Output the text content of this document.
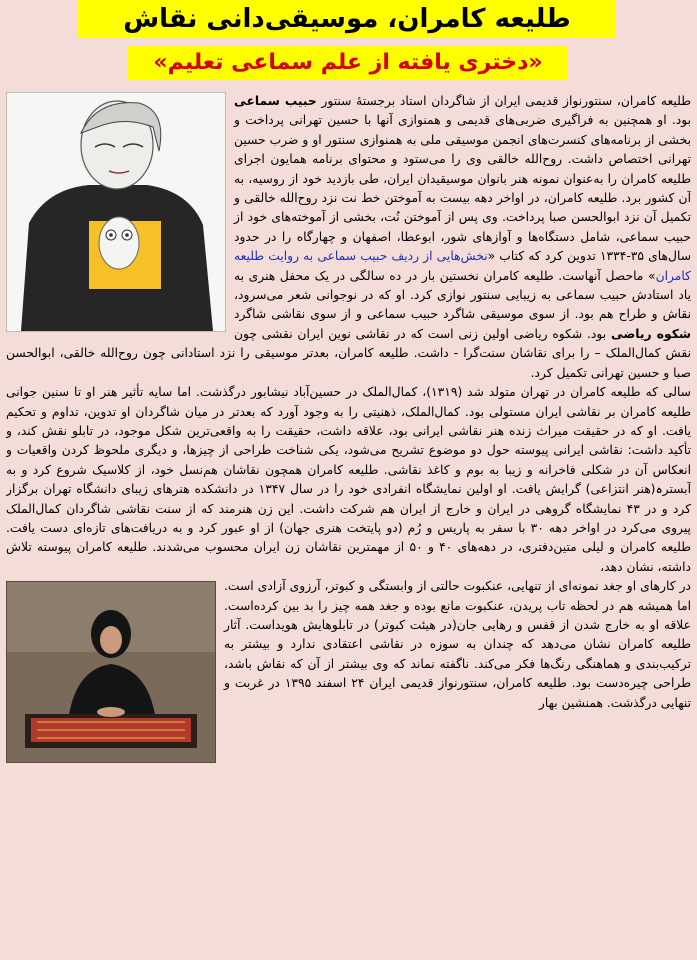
طلیعه کامران، موسیقی‌دانی نقاش
«دختری یافته از علم سماعی تعلیم»

طلیعه کامران، سنتورنواز قدیمی ایران از شاگردان استاد برجستهٔ سنتور حبیب سماعی بود. او همچنین به فراگیری ضربی‌های قدیمی و همنوازی آنها با حسین تهرانی پرداخت و بخشی از برنامه‌های کنسرت‌های انجمن موسیقی ملی به همنوازی سنتور او و ضرب حسین تهرانی اختصاص داشت. روح‌الله خالقی وی را می‌ستود و محتوای برنامه همایون اجرای طلیعه کامران را به‌عنوان نمونه هنر بانوان موسیقیدان ایران، طی بازدید خود از روسیه، به آن کشور برد. طلیعه کامران، در اواخر دهه بیست به آموختن خط نت نزد روح‌الله خالقی و تکمیل آن نزد ابوالحسن صبا پرداخت. وی پس از آموختن نُت، بخشی از آموخته‌های خود از حبیب سماعی، شامل دستگاه‌ها و آوازهای شور، ابوعطا، اصفهان و چهارگاه را در حدود سال‌های ۳۵-۱۳۳۴ تدوین کرد که کتاب «نخش‌هایی از ردیف حبیب سماعی به روایت طلیعه کامران» ماحصل آنهاست. طلیعه کامران نخستین بار در ده سالگی در یک محفل هنری به یاد استادش حبیب سماعی به زیبایی سنتور نوازی کرد. او که در نوجوانی شعر می‌سرود، نقاش و طراح هم بود. از سوی موسیقی شاگرد حبیب سماعی و از سوی نقاشی شاگرد شکوه ریاضی بود. شکوه ریاضی اولین زنی است که در نقاشی نوین ایران نقشی چون نقش کمال‌الملک – را برای نقاشان سنت‌گرا - داشت. طلیعه کامران، بعدتر موسیقی را نزد استادانی چون روح‌الله خالقی، ابوالحسن صبا و حسین تهرانی تکمیل کرد.

سالی که طلیعه کامران در تهران متولد شد (۱۳۱۹)، کمال‌الملک در حسین‌آباد نیشابور درگذشت. اما سایه تأثیر هنر او تا سنین جوانی طلیعه کامران بر نقاشی ایران مستولی بود. کمال‌الملک، ذهنیتی را به وجود آورد که بعدتر در میان شاگردان او تدوین، تداوم و تحکیم یافت. او که در حقیقت میراث زنده هنر نقاشی ایرانی بود، علاقه داشت، حقیقت را به واقعی‌ترین شکل موجود، در تابلو نقش کند، و تأکید داشت: نقاشی ایرانی پیوسته حول دو موضوع تشریح می‌شود، یکی شناخت طراحی از چیزها، و دیگری ملحوظ کردن واقعیات و انعکاس آن در شکلی فاخرانه و زیبا به بوم و کاغذ نقاشی. طلیعه کامران همچون نقاشان هم‌نسل خود، از کلاسیک شروع کرد و به آبسترہ(هنر انتزاعی) گرایش یافت. او اولین نمایشگاه انفرادی خود را در سال ۱۳۴۷ در دانشکده هنرهای زیبای دانشگاه تهران برگزار کرد و در ۴۳ نمایشگاه گروهی در ایران و خارج از ایران هم شرکت داشت. این زن هنرمند که از سنت نقاشی شاگردان کمال‌الملک پیروی می‌کرد در اواخر دهه ۳۰ با سفر به پاریس و رُم (دو پایتخت هنری جهان) از او عبور کرد و به دریافت‌های تازه‌ای دست یافت. طلیعه کامران و لیلی متین‌دفتری، در دهه‌های ۴۰ و ۵۰ از مهمترین نقاشان زن ایران محسوب می‌شدند. طلیعه کامران پیوسته تلاش داشته، نشان دهد،

در کارهای او جغد نمونه‌ای از تنهایی، عنکبوت حالتی از وابستگی و کبوتر، آرزوی آزادی است. اما همیشه هم در لحظه تاب پریدن، عنکبوت مانع بوده و جغد همه چیز را بد بین کرده‌است. علاقه او به خارج شدن از قفس و رهایی جان(در هیئت کبوتر) در تابلوهایش هویداست. آثار طلیعه کامران نشان می‌دهد که چندان به سوزه در نقاشی اعتقادی ندارد و بیشتر به ترکیب‌بندی و هماهنگی رنگ‌ها فکر می‌کند. ناگفته نماند که وی بیشتر از آن که نقاش باشد، طراحی چیره‌دست بود. طلیعه کامران، سنتورنواز قدیمی ایران ۲۴ اسفند ۱۳۹۵ در غربت و تنهایی درگذشت. همنشین بهار
